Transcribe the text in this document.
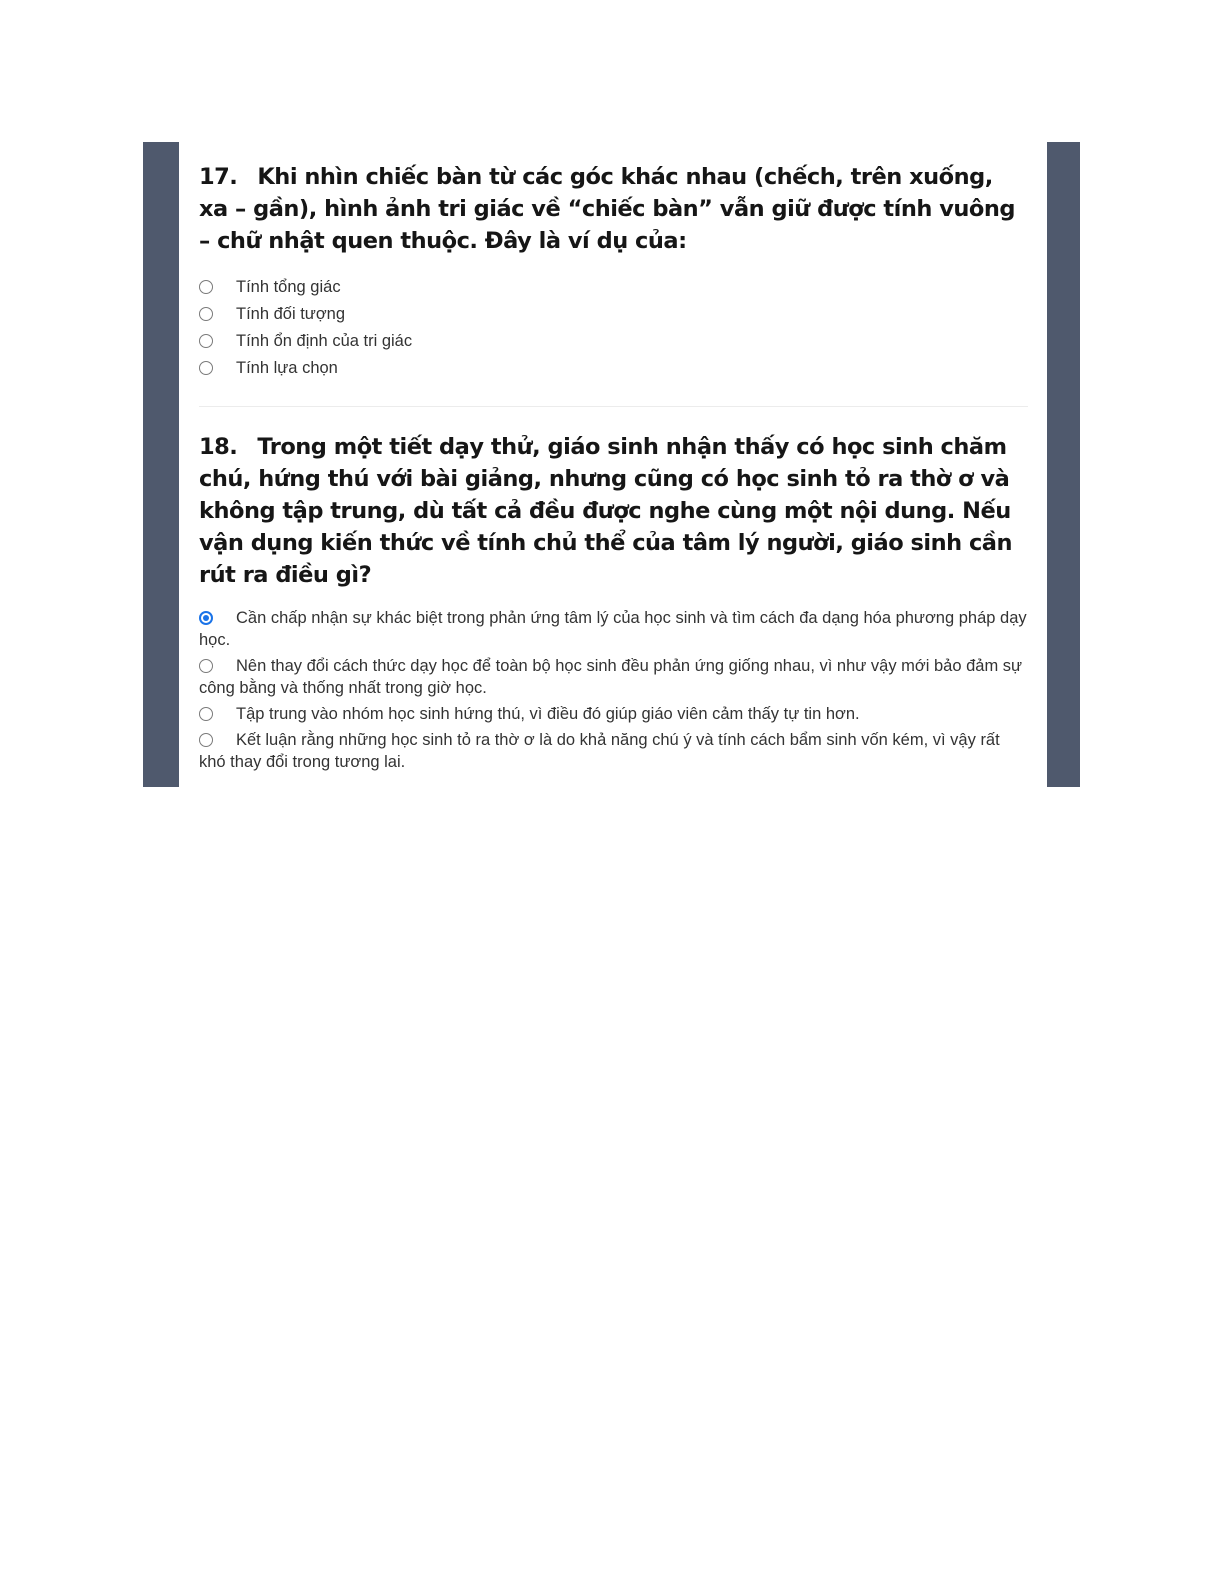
17. Khi nhìn chiếc bàn từ các góc khác nhau (chếch, trên xuống, xa – gần), hình ảnh tri giác về “chiếc bàn” vẫn giữ được tính vuông – chữ nhật quen thuộc. Đây là ví dụ của:
Tính tổng giác
Tính đối tượng
Tính ổn định của tri giác
Tính lựa chọn
18. Trong một tiết dạy thử, giáo sinh nhận thấy có học sinh chăm chú, hứng thú với bài giảng, nhưng cũng có học sinh tỏ ra thờ ơ và không tập trung, dù tất cả đều được nghe cùng một nội dung. Nếu vận dụng kiến thức về tính chủ thể của tâm lý người, giáo sinh cần rút ra điều gì?
Cần chấp nhận sự khác biệt trong phản ứng tâm lý của học sinh và tìm cách đa dạng hóa phương pháp dạy học.
Nên thay đổi cách thức dạy học để toàn bộ học sinh đều phản ứng giống nhau, vì như vậy mới bảo đảm sự công bằng và thống nhất trong giờ học.
Tập trung vào nhóm học sinh hứng thú, vì điều đó giúp giáo viên cảm thấy tự tin hơn.
Kết luận rằng những học sinh tỏ ra thờ ơ là do khả năng chú ý và tính cách bẩm sinh vốn kém, vì vậy rất khó thay đổi trong tương lai.
